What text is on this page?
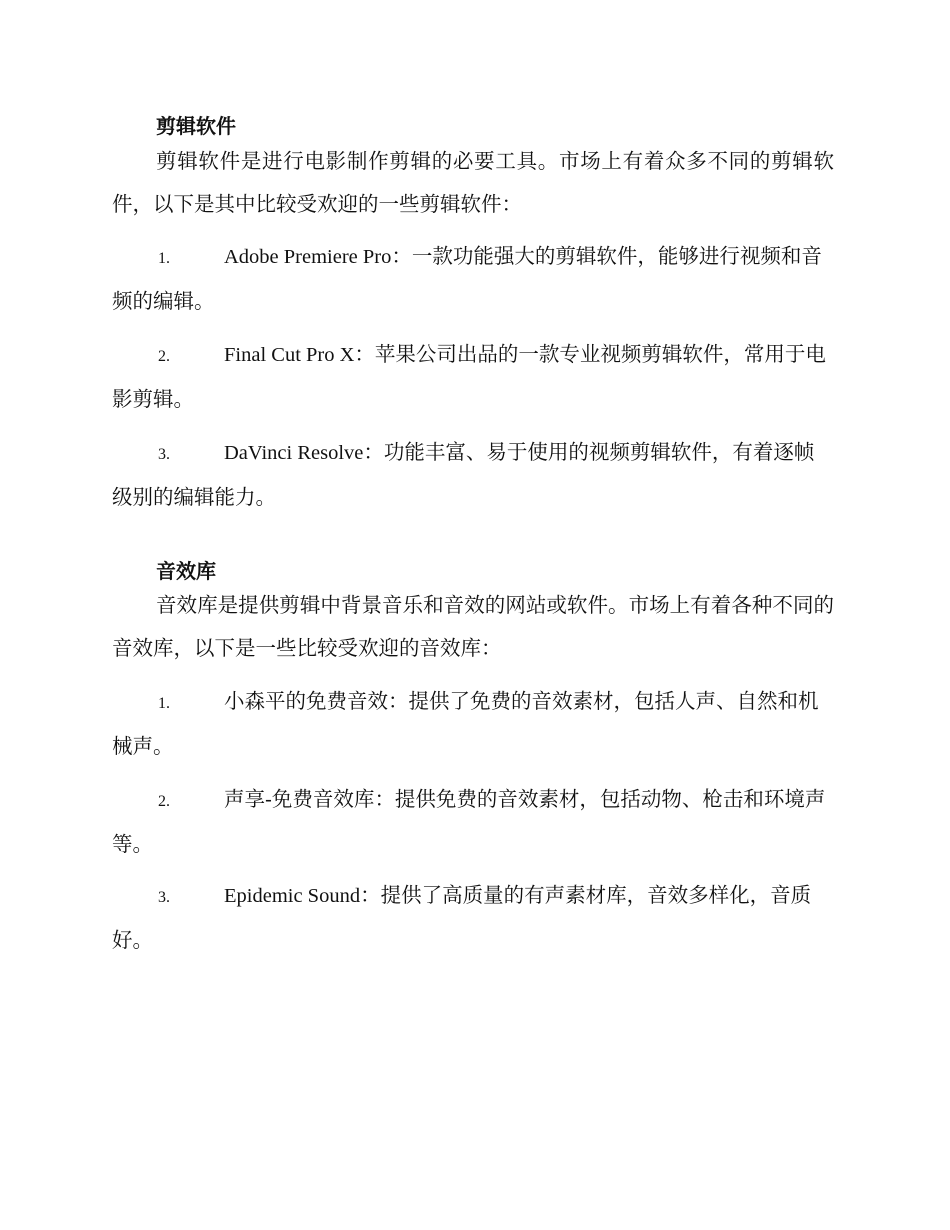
剪辑软件

剪辑软件是进行电影制作剪辑的必要工具。市场上有着众多不同的剪辑软件，以下是其中比较受欢迎的一些剪辑软件：

1.	Adobe Premiere Pro：一款功能强大的剪辑软件，能够进行视频和音频的编辑。

2.	Final Cut Pro X：苹果公司出品的一款专业视频剪辑软件，常用于电影剪辑。

3.	DaVinci Resolve：功能丰富、易于使用的视频剪辑软件，有着逐帧级别的编辑能力。

音效库

音效库是提供剪辑中背景音乐和音效的网站或软件。市场上有着各种不同的音效库，以下是一些比较受欢迎的音效库：

1.	小森平的免费音效：提供了免费的音效素材，包括人声、自然和机械声。

2.	声享-免费音效库：提供免费的音效素材，包括动物、枪击和环境声等。

3.	Epidemic Sound：提供了高质量的有声素材库，音效多样化，音质好。
